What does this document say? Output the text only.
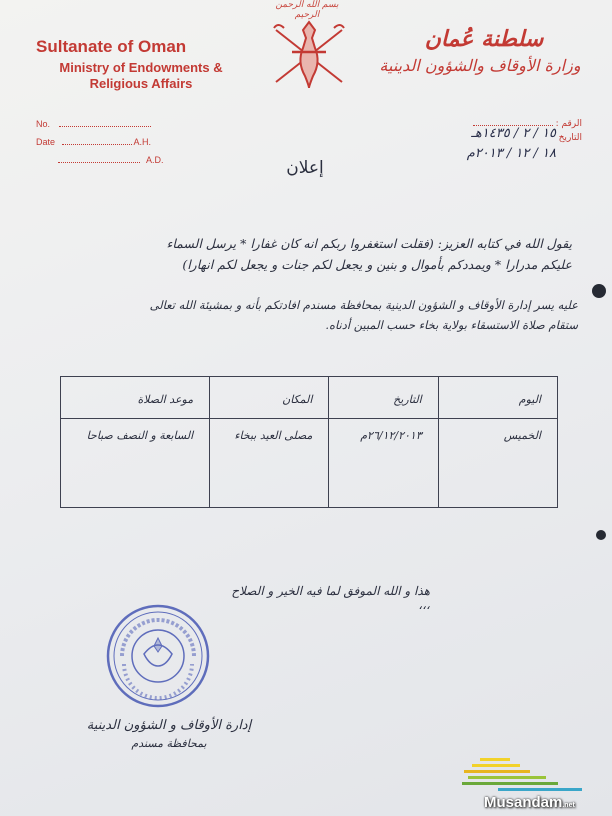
بسم الله الرحمن الرحيم
Sultanate of Oman
Ministry of Endowments &
Religious Affairs
سلطنة عُمان
وزارة الأوقاف والشؤون الدينية
No.
Date	A.H.
A.D.
الرقم :
التاريخ
١٥ / ٢ / ١٤٣٥هـ
١٨ / ١٢ / ٢٠١٣م
إعلان
يقول الله في كتابه العزيز: (فقلت استغفروا ربكم انه كان غفارا * يرسل السماء
عليكم مدرارا * ويمددكم بأموال و بنين و يجعل لكم جنات و يجعل لكم انهارا)
عليه يسر إدارة الأوقاف و الشؤون الدينية بمحافظة مسندم افادتكم بأنه و بمشيئة الله تعالى
ستقام صلاة الاستسقاء بولاية بخاء حسب المبين أدناه.
اليوم	التاريخ	المكان	موعد الصلاة
الخميس	٢٦/١٢/٢٠١٣م	مصلى العيد ببخاء	السابعة و النصف صباحا
هذا و الله الموفق لما فيه الخير و الصلاح ،،،
إدارة الأوقاف و الشؤون الدينية
بمحافظة مسندم
Musandam.net
